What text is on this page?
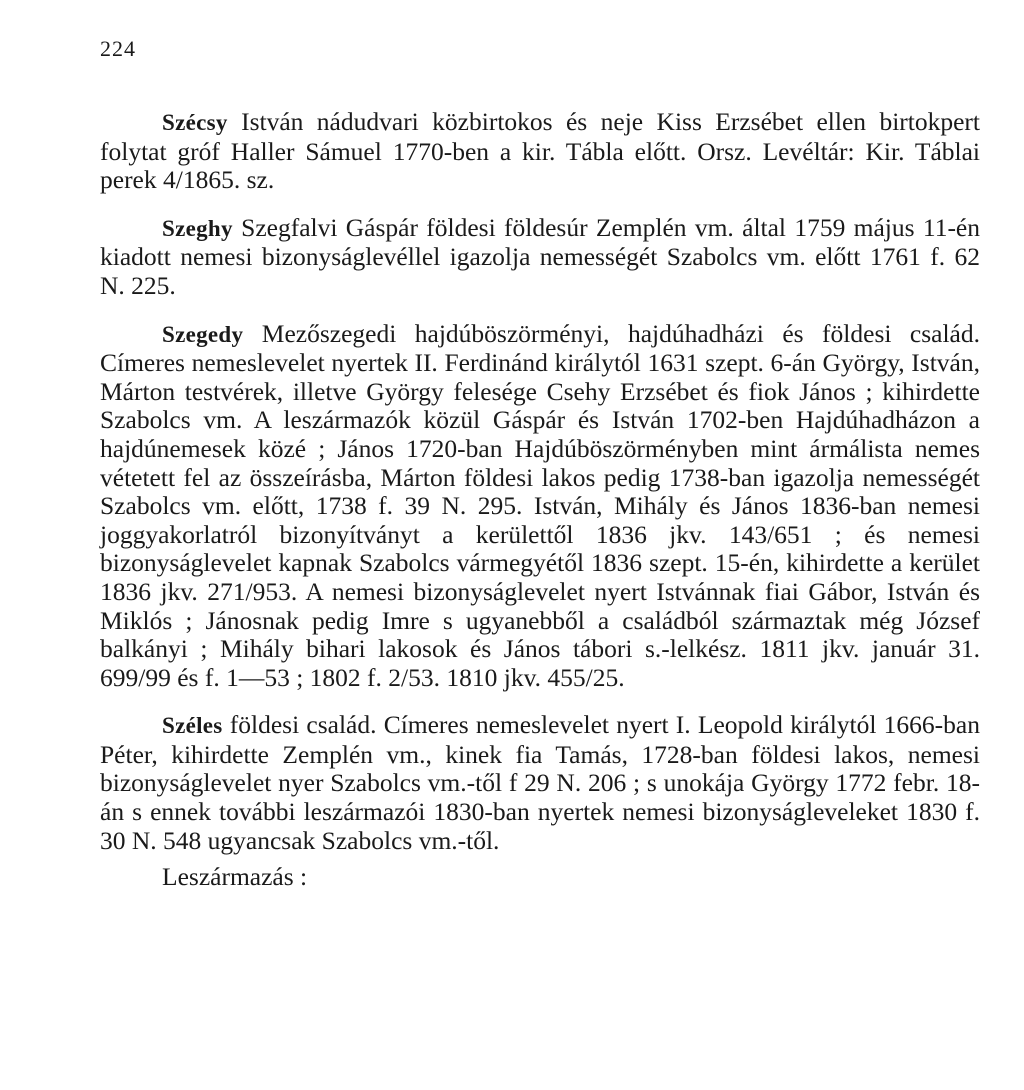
224

Szécsy István nádudvari közbirtokos és neje Kiss Erzsébet ellen birtokpert folytat gróf Haller Sámuel 1770-ben a kir. Tábla előtt. Orsz. Levéltár: Kir. Táblai perek 4/1865. sz.

Szeghy Szegfalvi Gáspár földesi földesúr Zemplén vm. által 1759 május 11-én kiadott nemesi bizonyságlevéllel igazolja nemességét Szabolcs vm. előtt 1761 f. 62 N. 225.

Szegedy Mezőszegedi hajdúböszörményi, hajdúhadházi és földesi család. Címeres nemeslevelet nyertek II. Ferdinánd királytól 1631 szept. 6-án György, István, Márton testvérek, illetve György felesége Csehy Erzsébet és fiok János ; kihirdette Szabolcs vm. A leszármazók közül Gáspár és István 1702-ben Hajdúhadházon a hajdúnemesek közé ; János 1720-ban Hajdúböszörményben mint ármálista nemes vétetett fel az összeírásba, Márton földesi lakos pedig 1738-ban igazolja nemességét Szabolcs vm. előtt, 1738 f. 39 N. 295. István, Mihály és János 1836-ban nemesi joggyakorlatról bizonyítványt a kerülettől 1836 jkv. 143/651 ; és nemesi bizonyságlevelet kapnak Szabolcs vármegyétől 1836 szept. 15-én, kihirdette a kerület 1836 jkv. 271/953. A nemesi bizonyságlevelet nyert Istvánnak fiai Gábor, István és Miklós ; Jánosnak pedig Imre s ugyanebből a családból származtak még József balkányi ; Mihály bihari lakosok és János tábori s.-lelkész. 1811 jkv. január 31. 699/99 és f. 1—53 ; 1802 f. 2/53. 1810 jkv. 455/25.

Széles földesi család. Címeres nemeslevelet nyert I. Leopold királytól 1666-ban Péter, kihirdette Zemplén vm., kinek fia Tamás, 1728-ban földesi lakos, nemesi bizonyságlevelet nyer Szabolcs vm.-től f 29 N. 206 ; s unokája György 1772 febr. 18-án s ennek további leszármazói 1830-ban nyertek nemesi bizonyságleveleket 1830 f. 30 N. 548 ugyancsak Szabolcs vm.-től.

Leszármazás :
